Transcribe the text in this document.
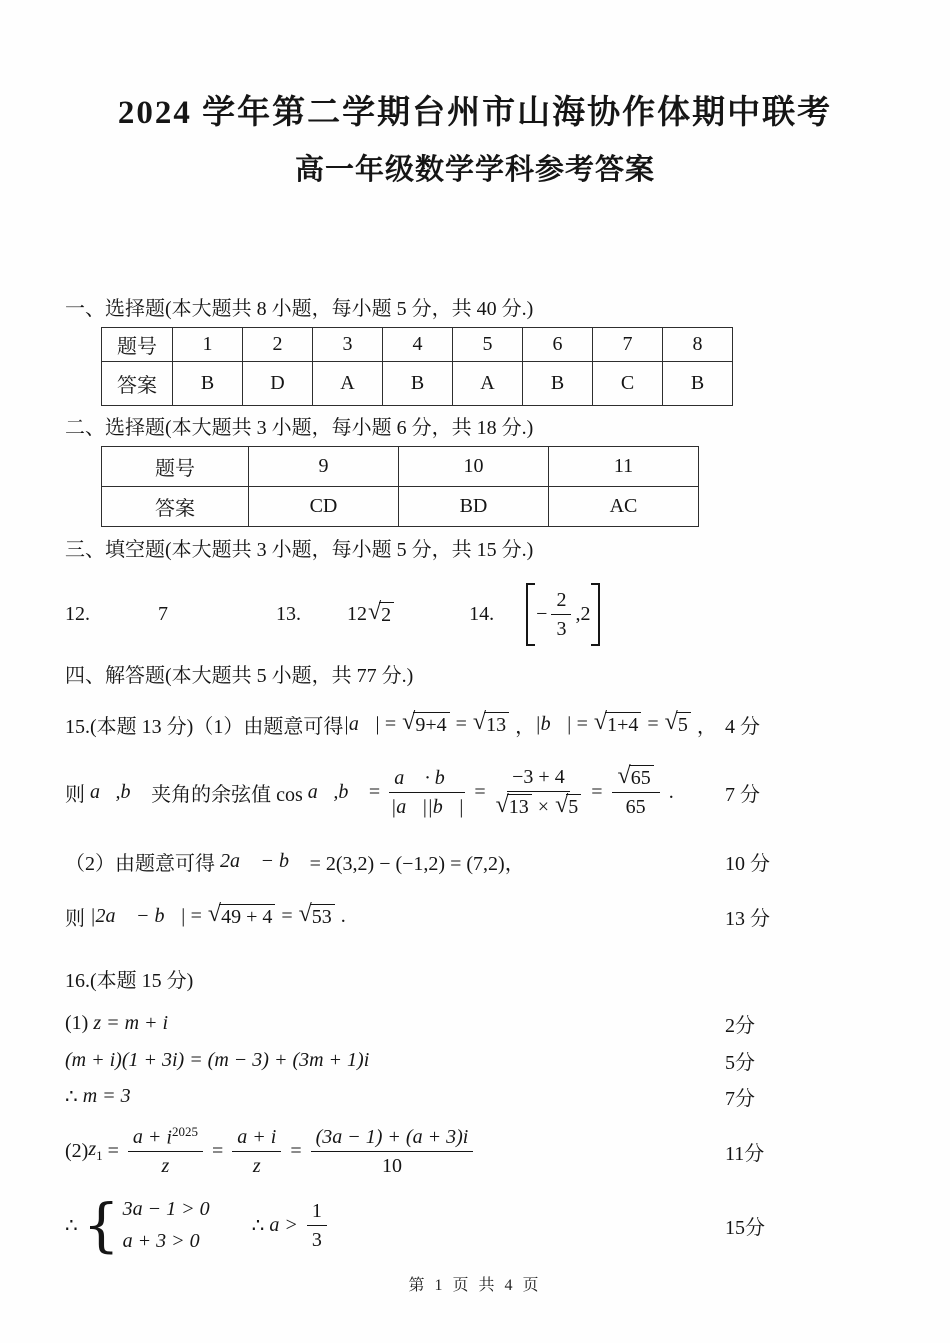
2024 学年第二学期台州市山海协作体期中联考
高一年级数学学科参考答案
一、选择题(本大题共 8 小题，每小题 5 分，共 40 分.)
题号	1	2	3	4	5	6	7	8
答案	B	D	A	B	A	B	C	B
二、选择题(本大题共 3 小题，每小题 6 分，共 18 分.)
题号	9	10	11
答案	CD	BD	AC
三、填空题(本大题共 3 小题，每小题 5 分，共 15 分.)
12.	7	13. 12 √ 2	14. − $\frac{2}{3} ,2$
四、解答题(本大题共 5 小题，共 77 分.)
15.(本题 13 分)（1）由题意可得 |a⃗| = √ 9+4 = √ 13 ， |b⃗| = √ 1+4 = √ 5 ， 4 分
则 a⃗,b⃗ 夹角的余弦值 cos a⃗,b⃗ = $\frac{a⃗ \cdot b⃗}{|a⃗||b⃗|} = \frac{-3 + 4}{√ 13 \times √ 5} = \frac{√ 65}{65}$ .	7 分
（2）由题意可得 2a⃗ − b⃗ = 2(3,2) − (−1,2) = (7,2)，	10 分
则 |2a⃗ − b⃗| = √ 49 + 4 = √ 53 .	13 分
16.(本题 15 分)
(1) z = m + i	2分
(m + i)(1 + 3i) = (m − 3) + (3m + 1)i	5分
∴ m = 3	7分
(2) $z_1 = \frac{a + i^{2025}}{z} = \frac{a + i}{z} = \frac{(3a - 1) + (a + 3)i}{10}$	11分
∴ { 3a − 1 > 0
a + 3 > 0
∴ $a > \frac{1}{3}$	15分
第 1 页 共 4 页
